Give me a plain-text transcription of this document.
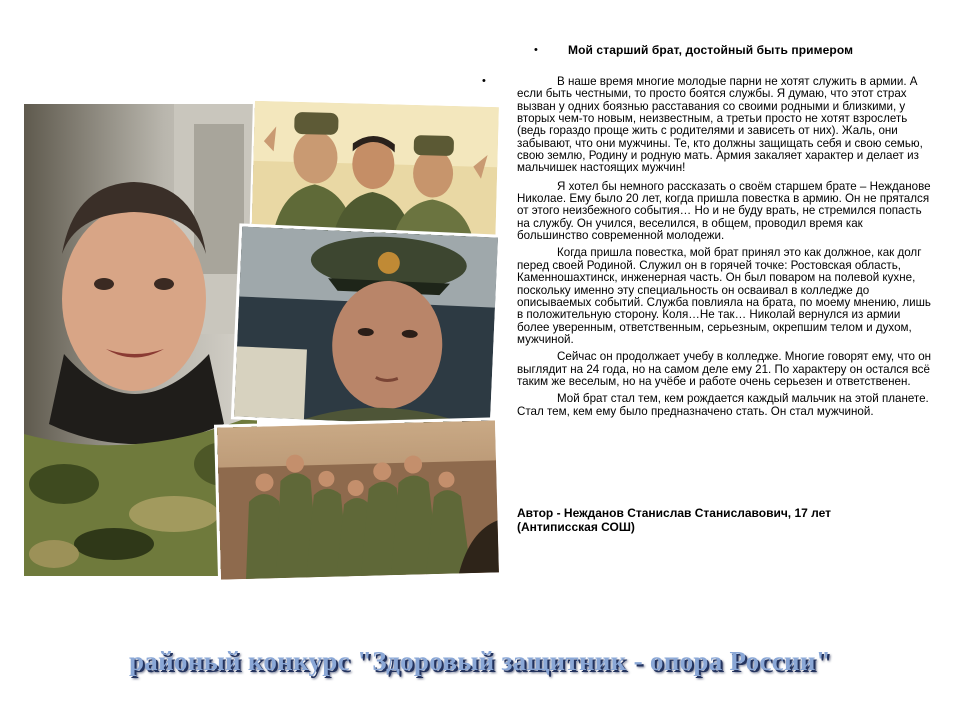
•	Мой старший брат, достойный быть примером
•	В наше время многие молодые парни не хотят служить в армии. А если быть честными, то просто боятся службы. Я думаю, что этот страх вызван у одних боязнью расставания со своими родными и близкими, у вторых чем-то новым, неизвестным, а третьи просто не хотят взрослеть (ведь гораздо проще жить с родителями и зависеть от них). Жаль, они забывают, что они мужчины. Те, кто должны защищать себя и свою семью, свою землю, Родину и родную мать. Армия закаляет характер и делает из мальчишек настоящих мужчин!

Я хотел бы немного рассказать о своём старшем брате – Нежданове Николае. Ему было 20 лет, когда пришла повестка в армию. Он не прятался от этого неизбежного события… Но и не буду врать, не стремился попасть на службу. Он учился, веселился, в общем, проводил время как большинство современной молодежи.

Когда пришла повестка, мой брат принял это как должное, как долг перед своей Родиной. Служил он в горячей точке: Ростовская область, Каменношахтинск, инженерная часть. Он был поваром на полевой кухне, поскольку именно эту специальность он осваивал в колледже до описываемых событий. Служба повлияла на брата, по моему мнению, лишь в положительную сторону. Коля…Не так… Николай вернулся из армии более уверенным, ответственным, серьезным, окрепшим телом и духом, мужчиной.

Сейчас он продолжает учебу в колледже. Многие говорят ему, что он выглядит на 24 года, но на самом деле ему 21. По характеру он остался всё таким же веселым, но на учёбе и работе очень серьезен и ответственен.

Мой брат стал тем, кем рождается каждый мальчик на этой планете. Стал тем, кем ему было предназначено стать. Он стал мужчиной.

Автор - Нежданов Станислав Станиславович, 17 лет (Антиписская СОШ)
районый конкурс "Здоровый защитник - опора России"
